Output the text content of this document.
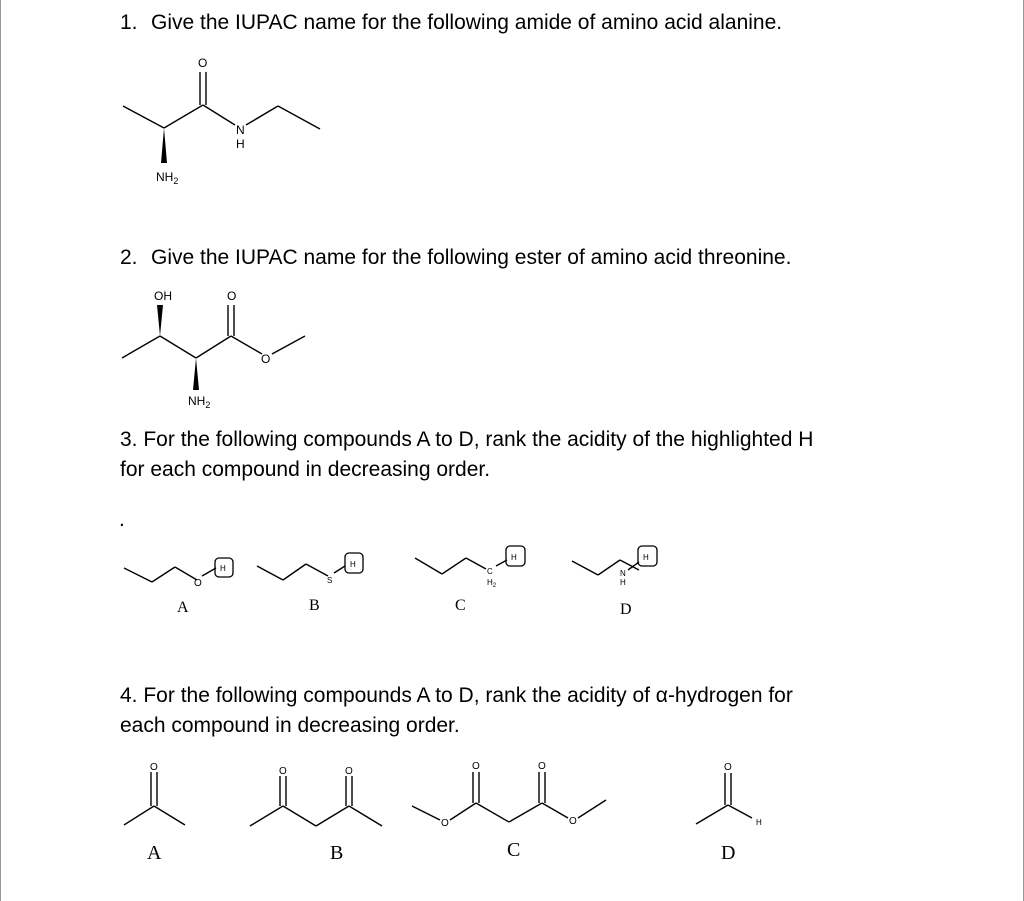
1. Give the IUPAC name for the following amide of amino acid alanine.
2. Give the IUPAC name for the following ester of amino acid threonine.
3. For the following compounds A to D, rank the acidity of the highlighted H
for each compound in decreasing order.
.
4. For the following compounds A to D, rank the acidity of α-hydrogen for
each compound in decreasing order.
O
N
H
$NH_2$
OH	O
O
$NH_2$
O
H
A
S
H
B
C
$H_2$
H
C
N
H
H
D
O
A
O	O
B
O	O
O	O
C
O
H
D
